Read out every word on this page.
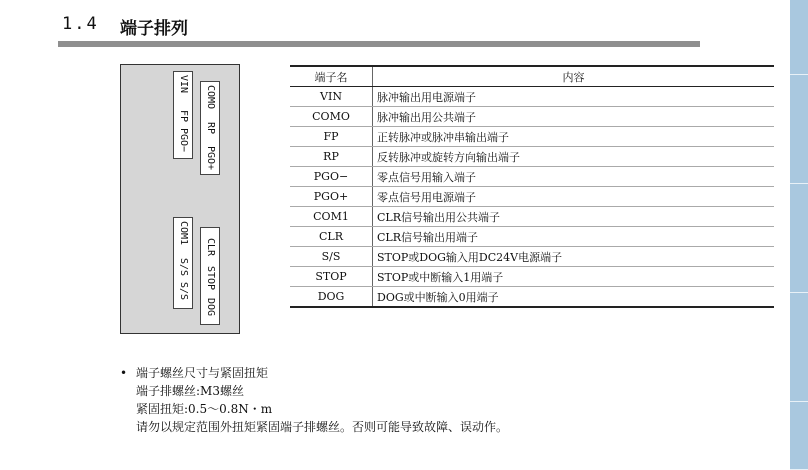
1.4 端子排列
VIN
FP
PGO−
COMO
RP
PGO+
COM1
S/S
S/S
CLR
STOP
DOG
端子名	内容
VIN	脉冲输出用电源端子
COMO	脉冲输出用公共端子
FP	正转脉冲或脉冲串输出端子
RP	反转脉冲或旋转方向输出端子
PGO−	零点信号用输入端子
PGO+	零点信号用电源端子
COM1	CLR信号输出用公共端子
CLR	CLR信号输出用端子
S/S	STOP或DOG输入用DC24V电源端子
STOP	STOP或中断输入1用端子
DOG	DOG或中断输入0用端子
• 端子螺丝尺寸与紧固扭矩
端子排螺丝:M3螺丝
紧固扭矩:0.5～0.8N・m
请勿以规定范围外扭矩紧固端子排螺丝。否则可能导致故障、误动作。
